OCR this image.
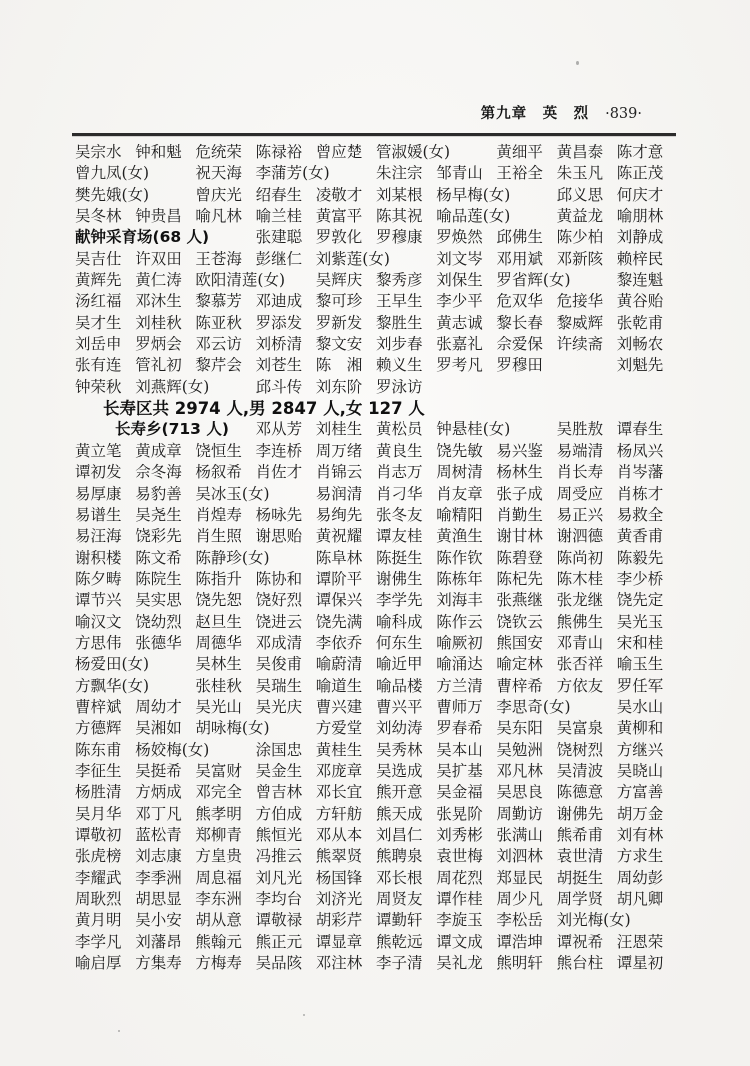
第九章　英　烈 ·839·
吴宗水 钟和魁 危统荣 陈禄裕 曾应楚 管淑媛(女)	黄细平 黄昌泰 陈才意
曾九凤(女)	祝天海 李蒲芳(女)	朱注宗 邹青山 王裕全 朱玉凡 陈正茂
樊先娥(女)	曾庆光 绍春生 凌敬才 刘某根 杨早梅(女)	邱义思 何庆才
吴冬林 钟贵昌 喻凡林 喻兰桂 黄富平 陈其祝 喻品莲(女)	黄益龙 喻朋林
献钟采育场(68 人)	张建聪 罗敦化 罗穆康 罗焕然 邱佛生 陈少柏 刘静成
吴吉仕 许双田 王苍海 彭继仁 刘紫莲(女)	刘文岑 邓用斌 邓新陔 赖梓民
黄辉先 黄仁涛 欧阳清莲(女)	吴辉庆 黎秀彦 刘保生 罗省辉(女)	黎连魁
汤红福 邓沐生 黎慕芳 邓迪成 黎可珍 王早生 李少平 危双华 危接华 黄谷贻
吴才生 刘桂秋 陈亚秋 罗添发 罗新发 黎胜生 黄志诚 黎长春 黎威辉 张乾甫
刘岳申 罗炳会 邓云访 刘桥清 黎文安 刘步春 张嘉礼 佘爱保 许续斋 刘畅农
张有连 管礼初 黎芹会 刘苍生 陈　湘 赖义生 罗考凡 罗穆田	刘魁先
钟荣秋 刘燕辉(女)	邱斗传 刘东阶 罗泳访
长寿区共 2974 人,男 2847 人,女 127 人
长寿乡(713 人)	邓从芳 刘桂生 黄松员 钟悬桂(女)	吴胜敖 谭春生
黄立笔 黄成章 饶恒生 李连桥 周万绪 黄良生 饶先敏 易兴鉴 易端清 杨凤兴
谭初发 佘冬海 杨叙希 肖佐才 肖锦云 肖志万 周树清 杨林生 肖长寿 肖岑藩
易厚康 易豹善 吴冰玉(女)	易润清 肖刁华 肖友章 张子成 周受应 肖栋才
易谱生 吴尧生 肖煌寿 杨咏先 易绚先 张冬友 喻精阳 肖勤生 易正兴 易救全
易汪海 饶彩先 肖生照 谢思贻 黄祝耀 谭友桂 黄渔生 谢甘林 谢泗德 黄香甫
谢积楼 陈文希 陈静珍(女)	陈阜林 陈挺生 陈作钦 陈碧登 陈尚初 陈毅先
陈夕畴 陈院生 陈指升 陈协和 谭阶平 谢佛生 陈栋年 陈杞先 陈木桂 李少桥
谭节兴 吴实思 饶先恕 饶好烈 谭保兴 李学先 刘海丰 张燕继 张龙继 饶先定
喻汉文 饶幼烈 赵旦生 饶进云 饶先满 喻科成 陈作云 饶钦云 熊佛生 吴光玉
方思伟 张德华 周德华 邓成清 李依乔 何东生 喻厥初 熊国安 邓青山 宋和桂
杨爱田(女)	吴林生 吴俊甫 喻蔚清 喻近甲 喻涌达 喻定林 张否祥 喻玉生
方飘华(女)	张桂秋 吴瑞生 喻道生 喻品楼 方兰清 曹梓希 方依友 罗任军
曹梓斌 周幼才 吴光山 吴光庆 曹兴建 曹兴平 曹师万 李思奇(女)	吴水山
方德辉 吴湘如 胡咏梅(女)	方爱堂 刘幼涛 罗春希 吴东阳 吴富泉 黄柳和
陈东甫 杨姣梅(女)	涂国忠 黄桂生 吴秀林 吴本山 吴勉洲 饶树烈 方继兴
李征生 吴挺希 吴富财 吴金生 邓庞章 吴选成 吴扩基 邓凡林 吴清波 吴晓山
杨胜清 方炳成 邓完全 曾吉林 邓长宜 熊开意 吴金福 吴思良 陈德意 方富善
吴月华 邓丁凡 熊孝明 方伯成 方轩舫 熊天成 张晃阶 周勤访 谢佛先 胡万金
谭敬初 蓝松青 郑柳青 熊恒光 邓从本 刘昌仁 刘秀彬 张满山 熊希甫 刘有林
张虎榜 刘志康 方皇贵 冯推云 熊翠贤 熊聘泉 袁世梅 刘泗林 袁世清 方求生
李耀武 李季洲 周息福 刘凡光 杨国锋 邓长根 周花烈 郑显民 胡挺生 周幼彭
周耿烈 胡思显 李东洲 李均台 刘济光 周贤友 谭作桂 周少凡 周学贤 胡凡卿
黄月明 吴小安 胡从意 谭敬禄 胡彩芹 谭勤轩 李旋玉 李松岳 刘光梅(女)
李学凡 刘藩昂 熊翰元 熊正元 谭显章 熊乾远 谭文成 谭浩坤 谭祝希 汪恩荣
喻启厚 方集寿 方梅寿 吴品陔 邓注林 李子清 吴礼龙 熊明轩 熊台柱 谭星初
